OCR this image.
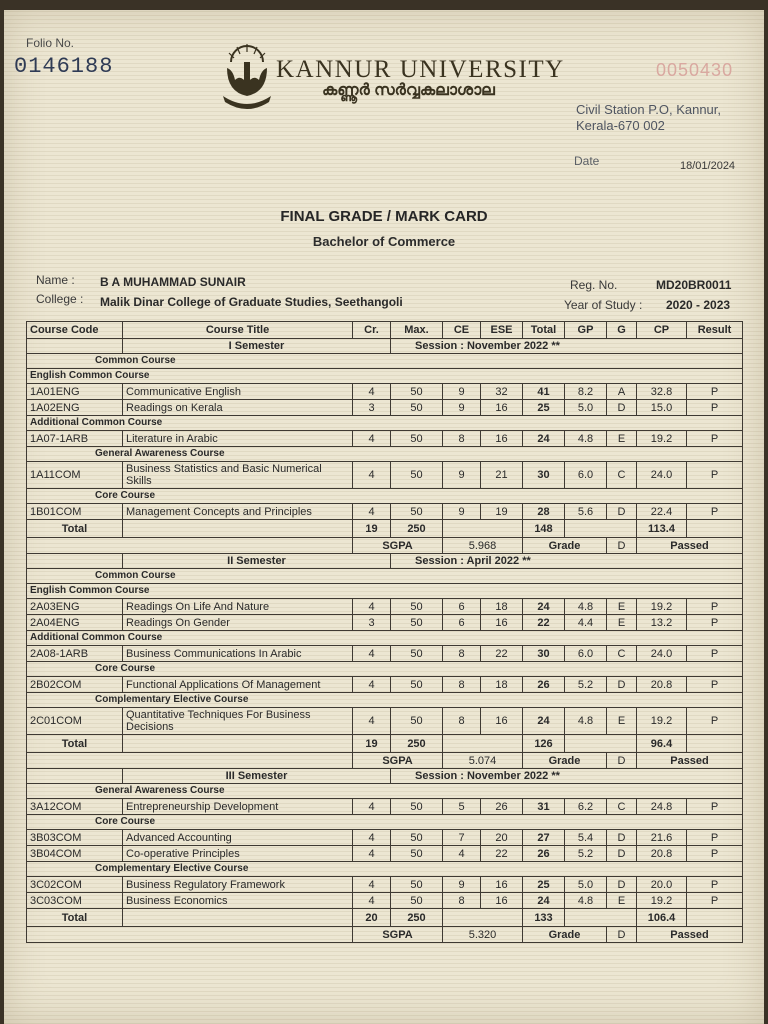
Folio No.
0146188	KANNUR UNIVERSITY
കണ്ണൂർ സർവ്വകലാശാല
0050430
Civil Station P.O, Kannur,
Kerala-670 002
Date	18/01/2024
FINAL GRADE / MARK CARD
Bachelor of Commerce
Name : B A MUHAMMAD SUNAIR
College : Malik Dinar College of Graduate Studies, Seethangoli
Reg. No.	MD20BR0011
Year of Study : 2020 - 2023
Course Code	Course Title	Cr.	Max.	CE	ESE	Total	GP	G	CP	Result
	I Semester		Session : November 2022 **							
Common Course										
English Common Course										
1A01ENG	Communicative English	4	50	9	32	41	8.2	A	32.8	P
1A02ENG	Readings on Kerala	3	50	9	16	25	5.0	D	15.0	P
Additional Common Course										
1A07-1ARB	Literature in Arabic	4	50	8	16	24	4.8	E	19.2	P
General Awareness Course										
1A11COM	Business Statistics and Basic Numerical Skills	4	50	9	21	30	6.0	C	24.0	P
Core Course										
1B01COM	Management Concepts and Principles	4	50	9	19	28	5.6	D	22.4	P
Total		19	250			148			113.4	
		SGPA		5.968		Grade		D	Passed	
	II Semester		Session : April 2022 **							
Common Course										
English Common Course										
2A03ENG	Readings On Life And Nature	4	50	6	18	24	4.8	E	19.2	P
2A04ENG	Readings On Gender	3	50	6	16	22	4.4	E	13.2	P
Additional Common Course										
2A08-1ARB	Business Communications In Arabic	4	50	8	22	30	6.0	C	24.0	P
Core Course										
2B02COM	Functional Applications Of Management	4	50	8	18	26	5.2	D	20.8	P
Complementary Elective Course										
2C01COM	Quantitative Techniques For Business Decisions	4	50	8	16	24	4.8	E	19.2	P
Total		19	250			126			96.4	
		SGPA		5.074		Grade		D	Passed	
	III Semester		Session : November 2022 **							
General Awareness Course										
3A12COM	Entrepreneurship Development	4	50	5	26	31	6.2	C	24.8	P
Core Course										
3B03COM	Advanced Accounting	4	50	7	20	27	5.4	D	21.6	P
3B04COM	Co-operative Principles	4	50	4	22	26	5.2	D	20.8	P
Complementary Elective Course										
3C02COM	Business Regulatory Framework	4	50	9	16	25	5.0	D	20.0	P
3C03COM	Business Economics	4	50	8	16	24	4.8	E	19.2	P
Total		20	250			133			106.4	
		SGPA		5.320		Grade		D	Passed	
